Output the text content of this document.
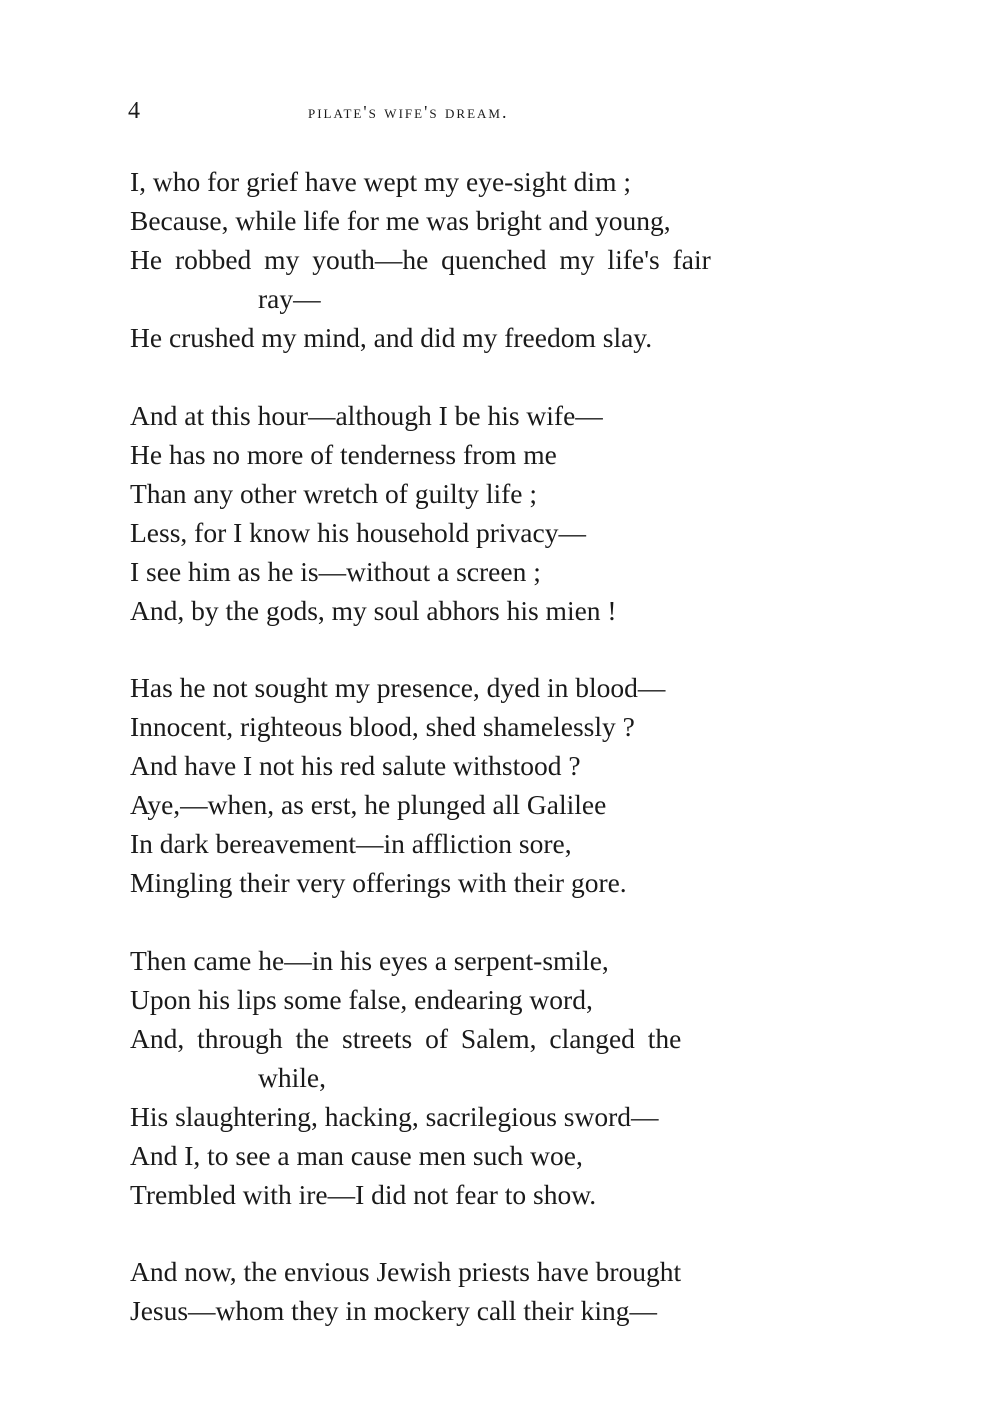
4	pilate's wife's dream.
I, who for grief have wept my eye-sight dim ;
Because, while life for me was bright and young,
He robbed my youth—he quenched my life's fair
ray—
He crushed my mind, and did my freedom slay.
And at this hour—although I be his wife—
He has no more of tenderness from me
Than any other wretch of guilty life ;
Less, for I know his household privacy—
I see him as he is—without a screen ;
And, by the gods, my soul abhors his mien !
Has he not sought my presence, dyed in blood—
Innocent, righteous blood, shed shamelessly ?
And have I not his red salute withstood ?
Aye,—when, as erst, he plunged all Galilee
In dark bereavement—in affliction sore,
Mingling their very offerings with their gore.
Then came he—in his eyes a serpent-smile,
Upon his lips some false, endearing word,
And, through the streets of Salem, clanged the
while,
His slaughtering, hacking, sacrilegious sword—
And I, to see a man cause men such woe,
Trembled with ire—I did not fear to show.
And now, the envious Jewish priests have brought
Jesus—whom they in mockery call their king—
